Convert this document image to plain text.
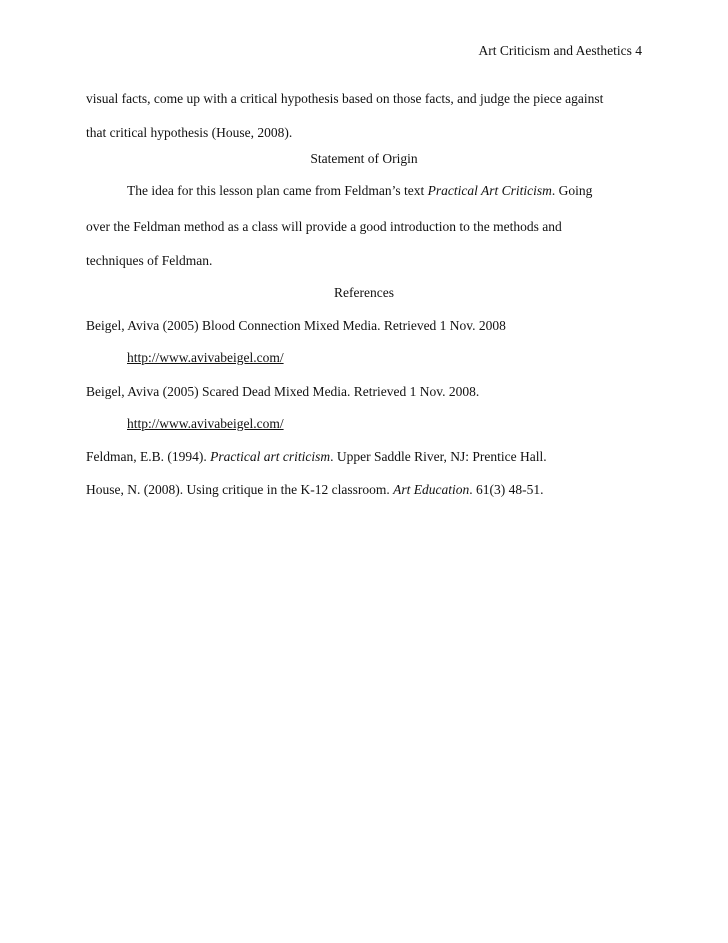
Art Criticism and Aesthetics 4
visual facts, come up with a critical hypothesis based on those facts, and judge the piece against
that critical hypothesis (House, 2008).
Statement of Origin
The idea for this lesson plan came from Feldman’s text Practical Art Criticism. Going
over the Feldman method as a class will provide a good introduction to the methods and
techniques of Feldman.
References
Beigel, Aviva (2005) Blood Connection Mixed Media. Retrieved 1 Nov. 2008
http://www.avivabeigel.com/
Beigel, Aviva (2005) Scared Dead Mixed Media. Retrieved 1 Nov. 2008.
http://www.avivabeigel.com/
Feldman, E.B. (1994). Practical art criticism. Upper Saddle River, NJ: Prentice Hall.
House, N. (2008). Using critique in the K-12 classroom. Art Education. 61(3) 48-51.
